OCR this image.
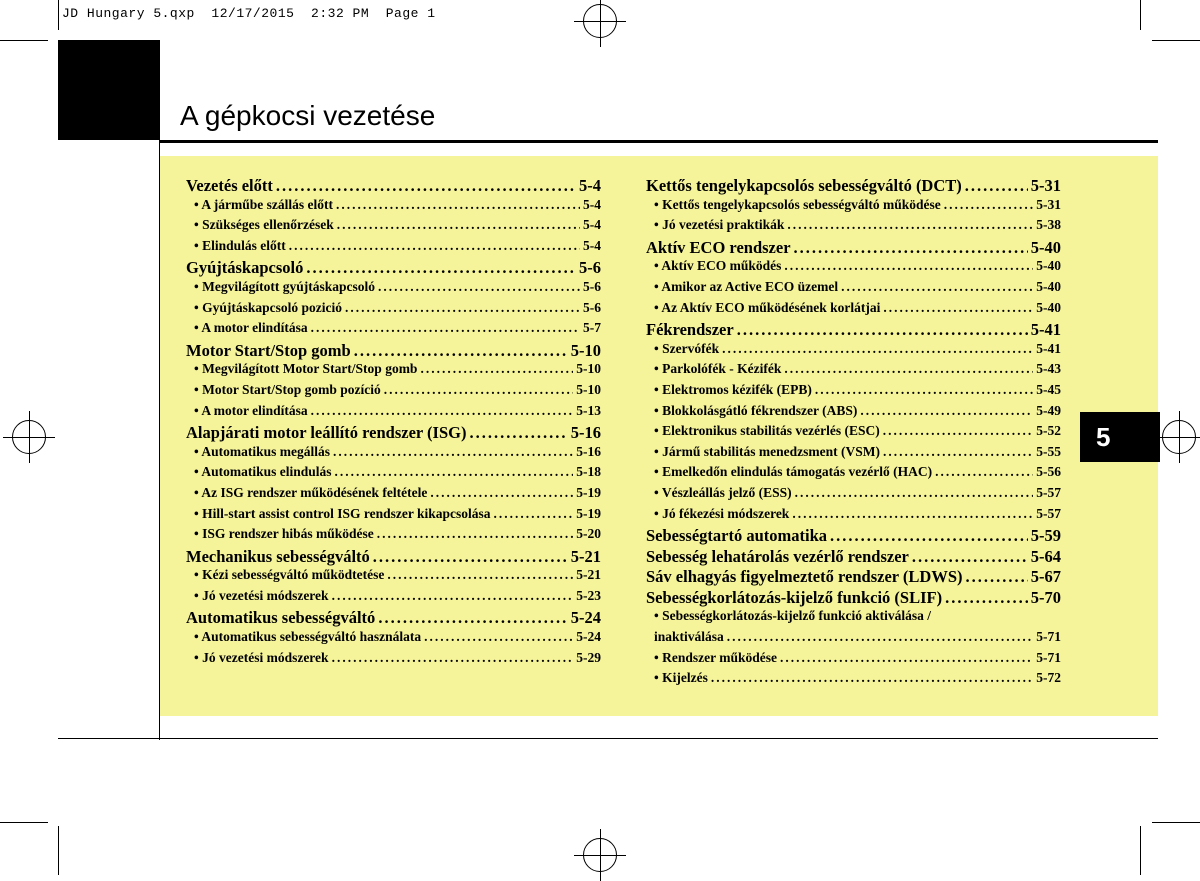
JD Hungary 5.qxp  12/17/2015  2:32 PM  Page 1
A gépkocsi vezetése
5
Vezetés előtt .....	5-4
• A járműbe szállás előtt .....	5-4
• Szükséges ellenőrzések .....	5-4
• Elindulás előtt .....	5-4
Gyújtáskapcsoló .....	5-6
• Megvilágított gyújtáskapcsoló .....	5-6
• Gyújtáskapcsoló pozició .....	5-6
• A motor elindítása .....	5-7
Motor Start/Stop gomb .....	5-10
• Megvilágított Motor Start/Stop gomb .....	5-10
• Motor Start/Stop gomb pozíció .....	5-10
• A motor elindítása .....	5-13
Alapjárati motor leállító rendszer (ISG) .....	5-16
• Automatikus megállás .....	5-16
• Automatikus elindulás .....	5-18
• Az ISG rendszer működésének feltétele .....	5-19
• Hill-start assist control ISG rendszer kikapcsolása .....	5-19
• ISG rendszer hibás működése .....	5-20
Mechanikus sebességváltó .....	5-21
• Kézi sebességváltó működtetése .....	5-21
• Jó vezetési módszerek .....	5-23
Automatikus sebességváltó .....	5-24
• Automatikus sebességváltó használata .....	5-24
• Jó vezetési módszerek .....	5-29
Kettős tengelykapcsolós sebességváltó (DCT) .....	5-31
• Kettős tengelykapcsolós sebességváltó működése .....	5-31
• Jó vezetési praktikák .....	5-38
Aktív ECO rendszer .....	5-40
• Aktív ECO működés .....	5-40
• Amikor az Active ECO üzemel .....	5-40
• Az Aktív ECO működésének korlátjai .....	5-40
Fékrendszer .....	5-41
• Szervófék .....	5-41
• Parkolófék - Kézifék .....	5-43
• Elektromos kézifék (EPB) .....	5-45
• Blokkolásgátló fékrendszer (ABS) .....	5-49
• Elektronikus stabilitás vezérlés (ESC) .....	5-52
• Jármű stabilitás menedzsment (VSM) .....	5-55
• Emelkedőn elindulás támogatás vezérlő (HAC) .....	5-56
• Vészleállás jelző (ESS) .....	5-57
• Jó fékezési módszerek .....	5-57
Sebességtartó automatika .....	5-59
Sebesség lehatárolás vezérlő rendszer .....	5-64
Sáv elhagyás figyelmeztető rendszer (LDWS) .....	5-67
Sebességkorlátozás-kijelző funkció (SLIF) .....	5-70
• Sebességkorlátozás-kijelző funkció aktiválása /
inaktiválása .....	5-71
• Rendszer működése .....	5-71
• Kijelzés .....	5-72
